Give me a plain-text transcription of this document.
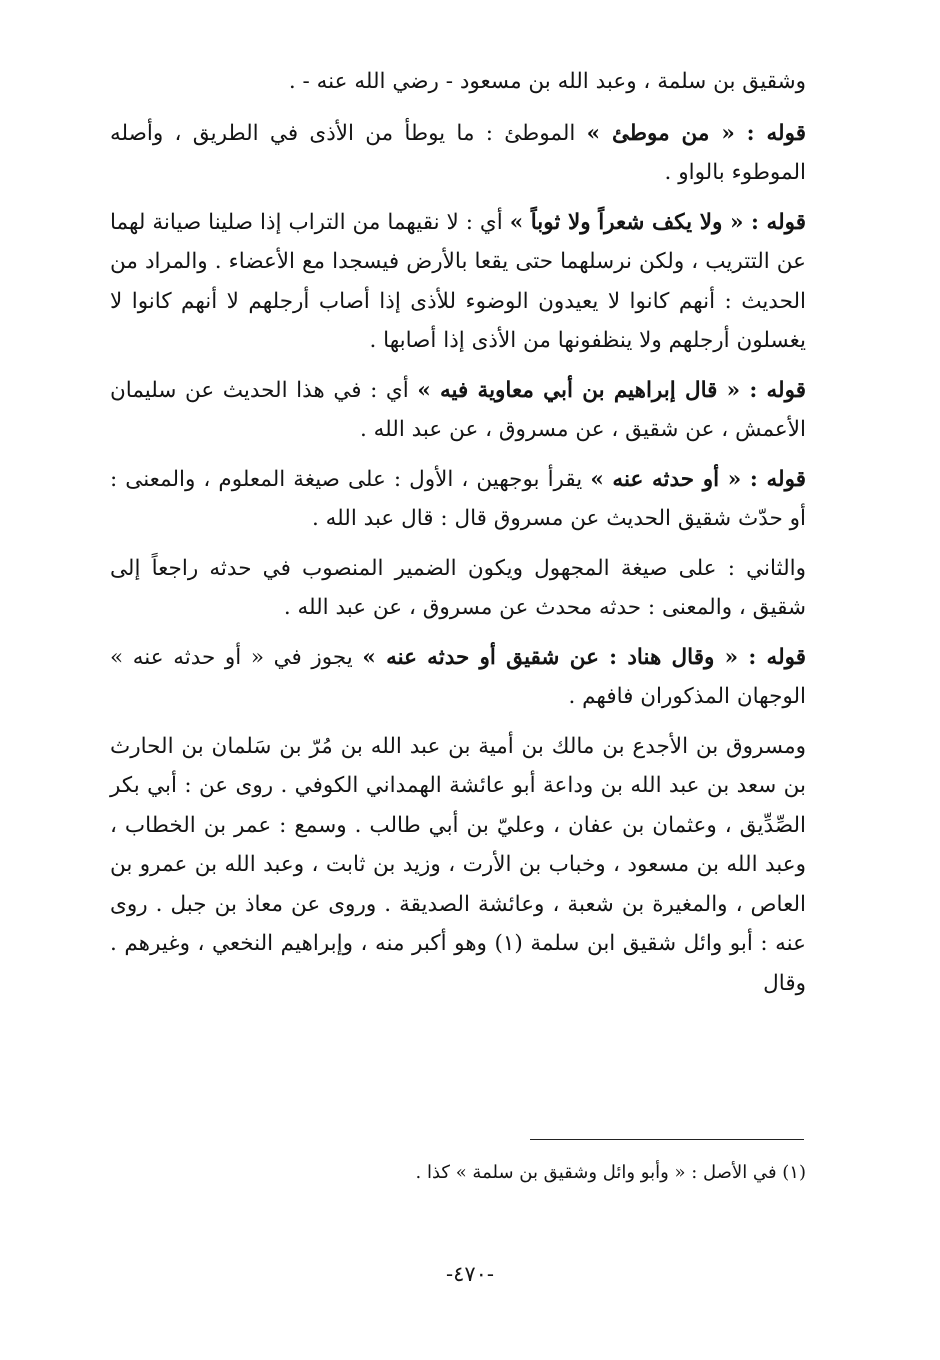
وشقيق بن سلمة ، وعبد الله بن مسعود - رضي الله عنه - .

قوله : « من موطئ » الموطئ : ما يوطأ من الأذى في الطريق ، وأصله الموطوء بالواو .

قوله : « ولا يكف شعراً ولا ثوباً » أي : لا نقيهما من التراب إذا صلينا صيانة لهما عن التتريب ، ولكن نرسلهما حتى يقعا بالأرض فيسجدا مع الأعضاء . والمراد من الحديث : أنهم كانوا لا يعيدون الوضوء للأذى إذا أصاب أرجلهم لا أنهم كانوا لا يغسلون أرجلهم ولا ينظفونها من الأذى إذا أصابها .

قوله : « قال إبراهيم بن أبي معاوية فيه » أي : في هذا الحديث عن سليمان الأعمش ، عن شقيق ، عن مسروق ، عن عبد الله .

قوله : « أو حدثه عنه » يقرأ بوجهين ، الأول : على صيغة المعلوم ، والمعنى : أو حدّث شقيق الحديث عن مسروق قال : قال عبد الله .

والثاني : على صيغة المجهول ويكون الضمير المنصوب في حدثه راجعاً إلى شقيق ، والمعنى : حدثه محدث عن مسروق ، عن عبد الله .

قوله : « وقال هناد : عن شقيق أو حدثه عنه » يجوز في « أو حدثه عنه » الوجهان المذكوران فافهم .

ومسروق بن الأجدع بن مالك بن أمية بن عبد الله بن مُرّ بن سَلمان بن الحارث بن سعد بن عبد الله بن وداعة أبو عائشة الهمداني الكوفي . روى عن : أبي بكر الصِّدِّيق ، وعثمان بن عفان ، وعليّ بن أبي طالب . وسمع : عمر بن الخطاب ، وعبد الله بن مسعود ، وخباب بن الأرت ، وزيد بن ثابت ، وعبد الله بن عمرو بن العاص ، والمغيرة بن شعبة ، وعائشة الصديقة . وروى عن معاذ بن جبل . روى عنه : أبو وائل شقيق ابن سلمة (١) وهو أكبر منه ، وإبراهيم النخعي ، وغيرهم . وقال

(١) في الأصل : « وأبو وائل وشقيق بن سلمة » كذا .
-٤٧٠-
